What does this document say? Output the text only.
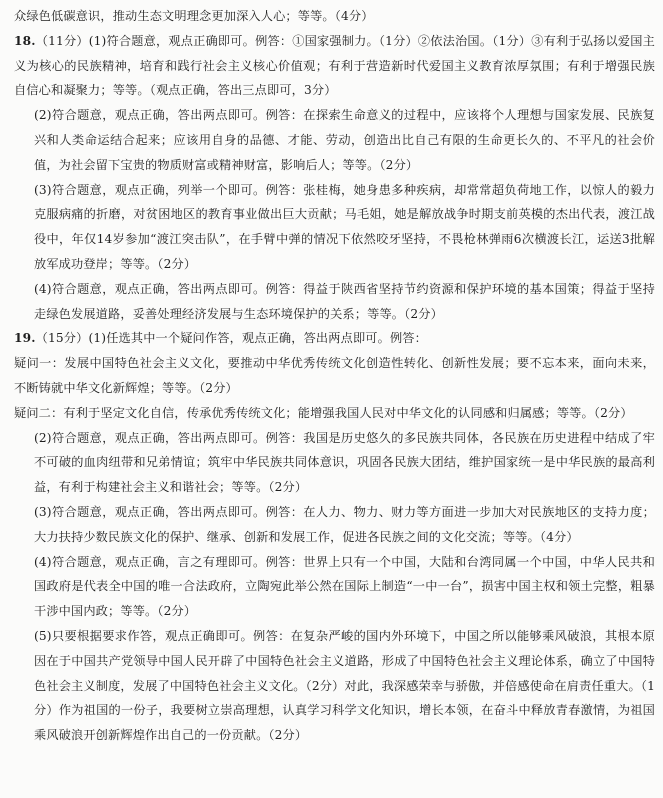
众绿色低碳意识，推动生态文明理念更加深入人心；等等。（4分）

18.（11分）(1)符合题意，观点正确即可。例答：①国家强制力。（1分）②依法治国。（1分）③有利于弘扬以爱国主义为核心的民族精神，培育和践行社会主义核心价值观；有利于营造新时代爱国主义教育浓厚氛围；有利于增强民族自信心和凝聚力；等等。（观点正确，答出三点即可，3分）

(2)符合题意，观点正确，答出两点即可。例答：在探索生命意义的过程中，应该将个人理想与国家发展、民族复兴和人类命运结合起来；应该用自身的品德、才能、劳动，创造出比自己有限的生命更长久的、不平凡的社会价值，为社会留下宝贵的物质财富或精神财富，影响后人；等等。（2分）

(3)符合题意，观点正确，列举一个即可。例答：张桂梅，她身患多种疾病，却常常超负荷地工作，以惊人的毅力克服病痛的折磨，对贫困地区的教育事业做出巨大贡献；马毛姐，她是解放战争时期支前英模的杰出代表，渡江战役中，年仅14岁参加“渡江突击队”，在手臂中弹的情况下依然咬牙坚持，不畏枪林弹雨6次横渡长江，运送3批解放军成功登岸；等等。（2分）

(4)符合题意，观点正确，答出两点即可。例答：得益于陕西省坚持节约资源和保护环境的基本国策；得益于坚持走绿色发展道路，妥善处理经济发展与生态环境保护的关系；等等。（2分）

19.（15分）(1)任选其中一个疑问作答，观点正确，答出两点即可。例答：

疑问一：发展中国特色社会主义文化，要推动中华优秀传统文化创造性转化、创新性发展；要不忘本来，面向未来，不断铸就中华文化新辉煌；等等。（2分）

疑问二：有利于坚定文化自信，传承优秀传统文化；能增强我国人民对中华文化的认同感和归属感；等等。（2分）

(2)符合题意，观点正确，答出两点即可。例答：我国是历史悠久的多民族共同体，各民族在历史进程中结成了牢不可破的血肉纽带和兄弟情谊；筑牢中华民族共同体意识，巩固各民族大团结，维护国家统一是中华民族的最高利益，有利于构建社会主义和谐社会；等等。（2分）

(3)符合题意，观点正确，答出两点即可。例答：在人力、物力、财力等方面进一步加大对民族地区的支持力度；大力扶持少数民族文化的保护、继承、创新和发展工作，促进各民族之间的文化交流；等等。（4分）

(4)符合题意，观点正确，言之有理即可。例答：世界上只有一个中国，大陆和台湾同属一个中国，中华人民共和国政府是代表全中国的唯一合法政府，立陶宛此举公然在国际上制造“一中一台”，损害中国主权和领土完整，粗暴干涉中国内政；等等。（2分）

(5)只要根据要求作答，观点正确即可。例答：在复杂严峻的国内外环境下，中国之所以能够乘风破浪，其根本原因在于中国共产党领导中国人民开辟了中国特色社会主义道路，形成了中国特色社会主义理论体系，确立了中国特色社会主义制度，发展了中国特色社会主义文化。（2分）对此，我深感荣幸与骄傲，并倍感使命在肩责任重大。（1分）作为祖国的一份子，我要树立崇高理想，认真学习科学文化知识，增长本领，在奋斗中释放青春激情，为祖国乘风破浪开创新辉煌作出自己的一份贡献。（2分）
